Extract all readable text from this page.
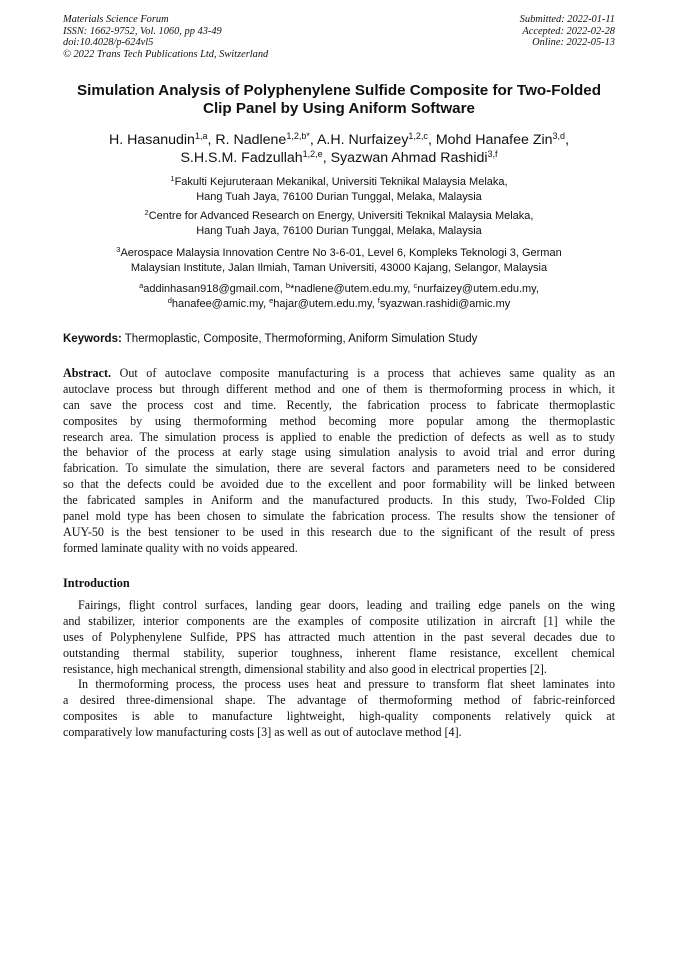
Materials Science Forum
ISSN: 1662-9752, Vol. 1060, pp 43-49
doi:10.4028/p-624vl5
© 2022 Trans Tech Publications Ltd, Switzerland
Submitted: 2022-01-11
Accepted: 2022-02-28
Online: 2022-05-13
Simulation Analysis of Polyphenylene Sulfide Composite for Two-Folded
Clip Panel by Using Aniform Software
H. Hasanudin$^{1,a}$, R. Nadlene$^{1,2,b*}$, A.H. Nurfaizey$^{1,2,c}$, Mohd Hanafee Zin$^{3,d}$,
S.H.S.M. Fadzullah$^{1,2,e}$, Syazwan Ahmad Rashidi$^{3,f}$
$^1$Fakulti Kejuruteraan Mekanikal, Universiti Teknikal Malaysia Melaka,
Hang Tuah Jaya, 76100 Durian Tunggal, Melaka, Malaysia
$^2$Centre for Advanced Research on Energy, Universiti Teknikal Malaysia Melaka,
Hang Tuah Jaya, 76100 Durian Tunggal, Melaka, Malaysia
$^3$Aerospace Malaysia Innovation Centre No 3-6-01, Level 6, Kompleks Teknologi 3, German
Malaysian Institute, Jalan Ilmiah, Taman Universiti, 43000 Kajang, Selangor, Malaysia
$^a$addinhasan918@gmail.com, $^b$*nadlene@utem.edu.my, $^c$nurfaizey@utem.edu.my,
$^d$hanafee@amic.my, $^e$hajar@utem.edu.my, $^f$syazwan.rashidi@amic.my
Keywords: Thermoplastic, Composite, Thermoforming, Aniform Simulation Study
Abstract. Out of autoclave composite manufacturing is a process that achieves same quality as an
autoclave process but through different method and one of them is thermoforming process in which, it
can save the process cost and time. Recently, the fabrication process to fabricate thermoplastic
composites by using thermoforming method becoming more popular among the thermoplastic
research area. The simulation process is applied to enable the prediction of defects as well as to study
the behavior of the process at early stage using simulation analysis to avoid trial and error during
fabrication. To simulate the simulation, there are several factors and parameters need to be considered
so that the defects could be avoided due to the excellent and poor formability will be linked between
the fabricated samples in Aniform and the manufactured products. In this study, Two-Folded Clip
panel mold type has been chosen to simulate the fabrication process. The results show the tensioner of
AUY-50 is the best tensioner to be used in this research due to the significant of the result of press
formed laminate quality with no voids appeared.
Introduction
Fairings, flight control surfaces, landing gear doors, leading and trailing edge panels on the wing
and stabilizer, interior components are the examples of composite utilization in aircraft [1] while the
uses of Polyphenylene Sulfide, PPS has attracted much attention in the past several decades due to
outstanding thermal stability, superior toughness, inherent flame resistance, excellent chemical
resistance, high mechanical strength, dimensional stability and also good in electrical properties [2].
In thermoforming process, the process uses heat and pressure to transform flat sheet laminates into
a desired three-dimensional shape. The advantage of thermoforming method of fabric-reinforced
composites is able to manufacture lightweight, high-quality components relatively quick at
comparatively low manufacturing costs [3] as well as out of autoclave method [4].
